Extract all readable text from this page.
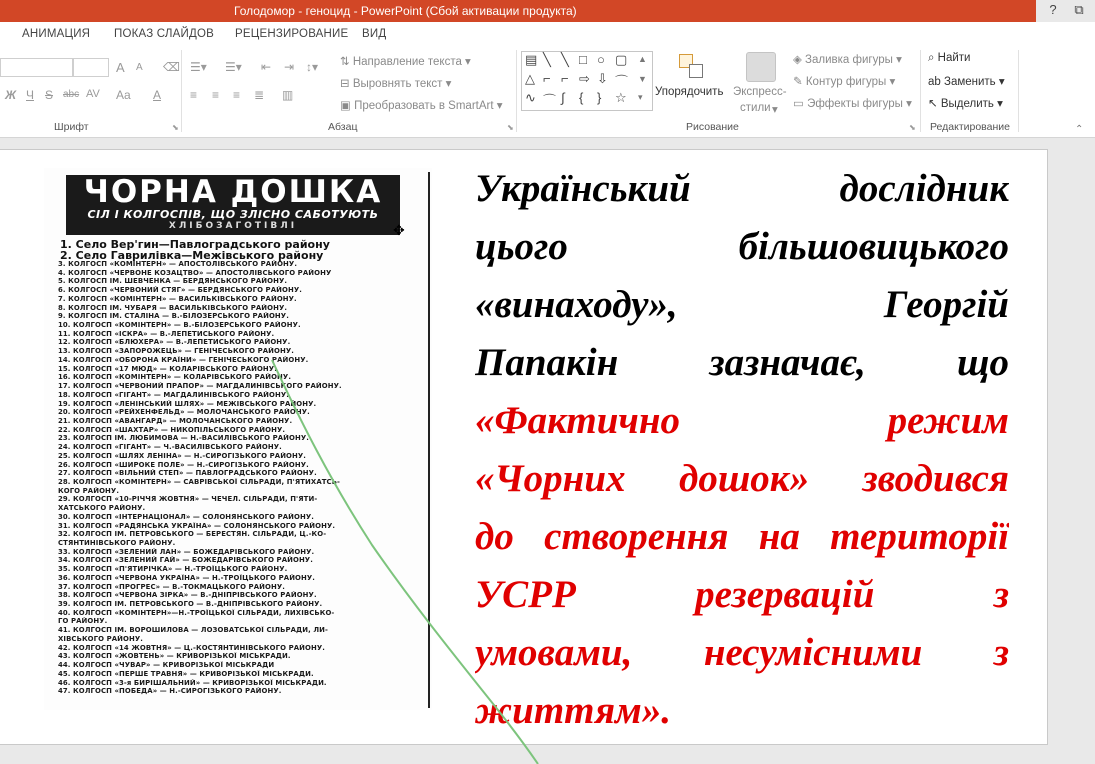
Голодомор - геноцид - PowerPoint (Сбой активации продукта)	?	⧉
АНИМАЦИЯ ПОКАЗ СЛАЙДОВ РЕЦЕНЗИРОВАНИЕ ВИД
A A ⌫
Ж Ч S abc AV Aa A
Шрифт	⬊
☰▾ ☰▾ ⇤ ⇥ ↕▾
≡ ≡ ≡ ≣ ▥
⇅ Направление текста ▾
⊟ Выровнять текст ▾
▣ Преобразовать в SmartArt ▾
Абзац	⬊
▤ ╲ ╲ □ ○ ▢
△ ⌐ ⌐ ⇨ ⇩ ⌒
∿ ⌒ ∫ { } ☆
▲
▼
▾ Упорядочить Экспресс-
стили ▾
◈ Заливка фигуры ▾
✎ Контур фигуры ▾
▭ Эффекты фигуры ▾
Рисование	⬊
⌕ Найти
ab Заменить ▾
↖ Выделить ▾
Редактирование	⌃
ЧОРНА ДОШКА
СІЛ І КОЛГОСПІВ, ЩО ЗЛІСНО САБОТУЮТЬ
ХЛІБОЗАГОТІВЛІ
1. Село Вер'гин—Павлоградського району
2. Село Гаврилівка—Межівського району
3. КОЛГОСП «КОМІНТЕРН» — АПОСТОЛІВСЬКОГО РАЙОНУ.
4. КОЛГОСП «ЧЕРВОНЕ КОЗАЦТВО» — АПОСТОЛІВСЬКОГО РАЙОНУ
5. КОЛГОСП ІМ. ШЕВЧЕНКА — БЕРДЯНСЬКОГО РАЙОНУ.
6. КОЛГОСП «ЧЕРВОНИЙ СТЯГ» — БЕРДЯНСЬКОГО РАЙОНУ.
7. КОЛГОСП «КОМІНТЕРН» — ВАСИЛЬКІВСЬКОГО РАЙОНУ.
8. КОЛГОСП ІМ. ЧУБАРЯ — ВАСИЛЬКІВСЬКОГО РАЙОНУ.
9. КОЛГОСП ІМ. СТАЛІНА — В.-БІЛОЗЕРСЬКОГО РАЙОНУ.
10. КОЛГОСП «КОМІНТЕРН» — В.-БІЛОЗЕРСЬКОГО РАЙОНУ.
11. КОЛГОСП «ІСКРА» — В.-ЛЕПЕТИСЬКОГО РАЙОНУ.
12. КОЛГОСП «БЛЮХЕРА» — В.-ЛЕПЕТИСЬКОГО РАЙОНУ.
13. КОЛГОСП «ЗАПОРОЖЕЦЬ» — ГЕНІЧЕСЬКОГО РАЙОНУ.
14. КОЛГОСП «ОБОРОНА КРАЇНИ» — ГЕНІЧЕСЬКОГО РАЙОНУ.
15. КОЛГОСП «17 МЮД» — КОЛАРІВСЬКОГО РАЙОНУ.
16. КОЛГОСП «КОМІНТЕРН» — КОЛАРІВСЬКОГО РАЙОНУ.
17. КОЛГОСП «ЧЕРВОНИЙ ПРАПОР» — МАГДАЛИНІВСЬКОГО РАЙОНУ.
18. КОЛГОСП «ГІГАНТ» — МАГДАЛИНІВСЬКОГО РАЙОНУ.
19. КОЛГОСП «ЛЕНІНСЬКИЙ ШЛЯХ» — МЕЖІВСЬКОГО РАЙОНУ.
20. КОЛГОСП «РЕЙХЕНФЕЛЬД» — МОЛОЧАНСЬКОГО РАЙОНУ.
21. КОЛГОСП «АВАНГАРД» — МОЛОЧАНСЬКОГО РАЙОНУ.
22. КОЛГОСП «ШАХТАР» — НИКОПІЛЬСЬКОГО РАЙОНУ.
23. КОЛГОСП ІМ. ЛЮБИМОВА — Н.-ВАСИЛІВСЬКОГО РАЙОНУ.
24. КОЛГОСП «ГІГАНТ» — Ч.-ВАСИЛІВСЬКОГО РАЙОНУ.
25. КОЛГОСП «ШЛЯХ ЛЕНІНА» — Н.-СИРОГІЗЬКОГО РАЙОНУ.
26. КОЛГОСП «ШИРОКЕ ПОЛЕ» — Н.-СИРОГІЗЬКОГО РАЙОНУ.
27. КОЛГОСП «ВІЛЬНИЙ СТЕП» — ПАВЛОГРАДСЬКОГО РАЙОНУ.
28. КОЛГОСП «КОМІНТЕРН» — САВРІВСЬКОЇ СІЛЬРАДИ, П'ЯТИХАТСЬ-
КОГО РАЙОНУ.
29. КОЛГОСП «10-РІЧЧЯ ЖОВТНЯ» — ЧЕЧЕЛ. СІЛЬРАДИ, П'ЯТИ-
ХАТСЬКОГО РАЙОНУ.
30. КОЛГОСП «ІНТЕРНАЦІОНАЛ» — СОЛОНЯНСЬКОГО РАЙОНУ.
31. КОЛГОСП «РАДЯНСЬКА УКРАЇНА» — СОЛОНЯНСЬКОГО РАЙОНУ.
32. КОЛГОСП ІМ. ПЕТРОВСЬКОГО — БЕРЕСТЯН. СІЛЬРАДИ, Ц.-КО-
СТЯНТИНІВСЬКОГО РАЙОНУ.
33. КОЛГОСП «ЗЕЛЕНИЙ ЛАН» — БОЖЕДАРІВСЬКОГО РАЙОНУ.
34. КОЛГОСП «ЗЕЛЕНИЙ ГАЙ» — БОЖЕДАРІВСЬКОГО РАЙОНУ.
35. КОЛГОСП «П'ЯТИРІЧКА» — Н.-ТРОЇЦЬКОГО РАЙОНУ.
36. КОЛГОСП «ЧЕРВОНА УКРАЇНА» — Н.-ТРОЇЦЬКОГО РАЙОНУ.
37. КОЛГОСП «ПРОГРЕС» — В.-ТОКМАЦЬКОГО РАЙОНУ.
38. КОЛГОСП «ЧЕРВОНА ЗІРКА» — В.-ДНІПРІВСЬКОГО РАЙОНУ.
39. КОЛГОСП ІМ. ПЕТРОВСЬКОГО — В.-ДНІПРІВСЬКОГО РАЙОНУ.
40. КОЛГОСП «КОМІНТЕРН»—Н.-ТРОЇЦЬКОЇ СІЛЬРАДИ, ЛИХІВСЬКО-
ГО РАЙОНУ.
41. КОЛГОСП ІМ. ВОРОШИЛОВА — ЛОЗОВАТСЬКОЇ СІЛЬРАДИ, ЛИ-
ХІВСЬКОГО РАЙОНУ.
42. КОЛГОСП «14 ЖОВТНЯ» — Ц.-КОСТЯНТИНІВСЬКОГО РАЙОНУ.
43. КОЛГОСП «ЖОВТЕНЬ» — КРИВОРІЗЬКОЇ МІСЬКРАДИ.
44. КОЛГОСП «ЧУВАР» — КРИВОРІЗЬКОЇ МІСЬКРАДИ
45. КОЛГОСП «ПЕРШЕ ТРАВНЯ» — КРИВОРІЗЬКОЇ МІСЬКРАДИ.
46. КОЛГОСП «3-я БИРІШАЛЬНИЙ» — КРИВОРІЗЬКОЇ МІСЬКРАДИ.
47. КОЛГОСП «ПОБЕДА» — Н.-СИРОГІЗЬКОГО РАЙОНУ.
Український дослідник
цього більшовицького
«винаходу», Георгій
Папакін зазначає, що
«Фактично режим
«Чорних дошок» зводився
до створення на території
УСРР резервацій з
умовами, несумісними з
життям».
✥
